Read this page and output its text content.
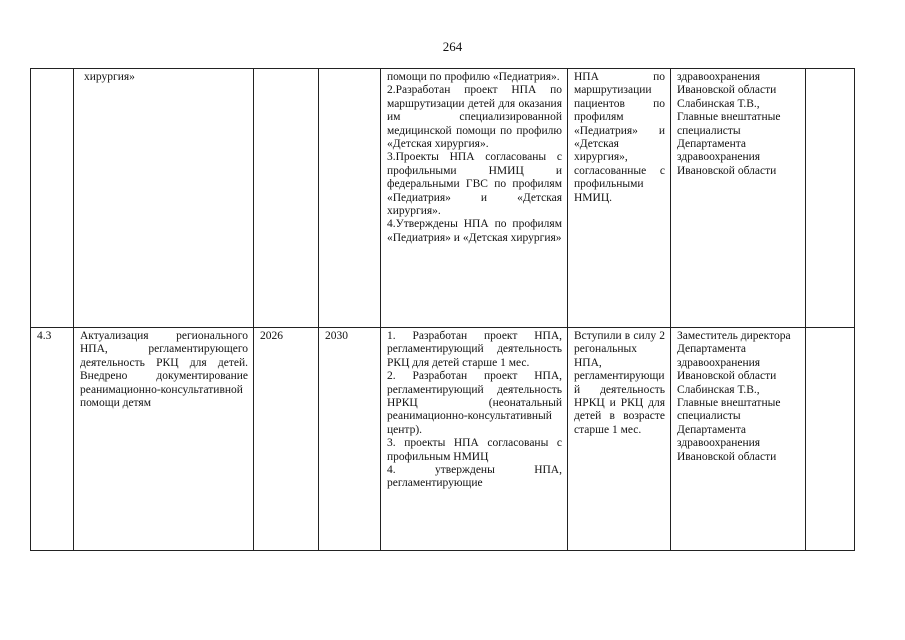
264
	хирургия»			помощи по профилю «Педиатрия».
2.Разработан проект НПА по маршрутизации детей для оказания им специализированной медицинской помощи по профилю «Детская хирургия».
3.Проекты НПА согласованы с профильными НМИЦ и федеральными ГВС по профилям «Педиатрия» и «Детская хирургия».
4.Утверждены НПА по профилям «Педиатрия» и «Детская хирургия»	НПА по маршрутизации пациентов по профилям «Педиатрия» и «Детская хирургия», согласованные с профильными НМИЦ.	здравоохранения Ивановской области Слабинская Т.В., Главные внештатные специалисты Департамента здравоохранения Ивановской области	
4.3	Актуализация регионального НПА, регламентирующего деятельность РКЦ для детей. Внедрено документирование реанимационно-консультативной помощи детям	2026	2030	1. Разработан проект НПА, регламентирующий деятельность РКЦ для детей старше 1 мес.
2. Разработан проект НПА, регламентирующий деятельность НРКЦ (неонатальный реанимационно-консультативный центр).
3. проекты НПА согласованы с профильным НМИЦ
4. утверждены НПА, регламентирующие	Вступили в силу 2 регональных НПА, регламентирующий деятельность НРКЦ и РКЦ для детей в возрасте старше 1 мес.	Заместитель директора Департамента здравоохранения Ивановской области Слабинская Т.В., Главные внештатные специалисты Департамента здравоохранения Ивановской области	
